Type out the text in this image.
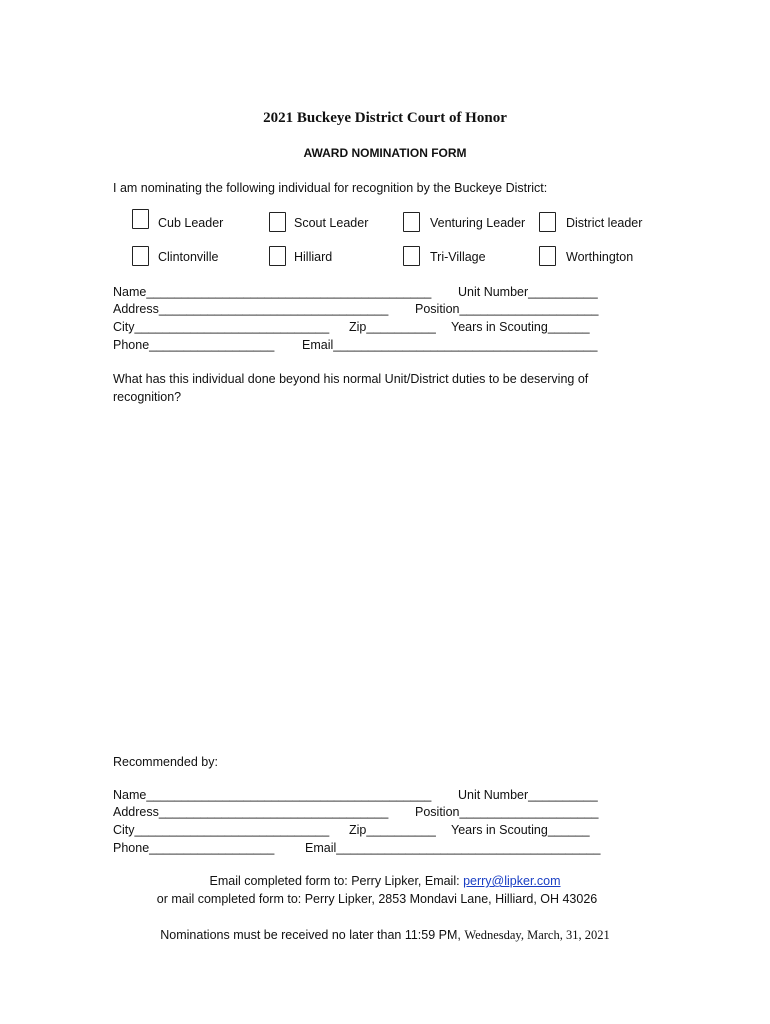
2021 Buckeye District Court of Honor
AWARD NOMINATION FORM
I am nominating the following individual for recognition by the Buckeye District:
Cub Leader	Scout Leader	Venturing Leader	District leader
Clintonville	Hilliard	Tri-Village	Worthington
Name_________________________________________ Unit Number__________
Address_________________________________ Position____________________
City____________________________ Zip__________ Years in Scouting______
Phone__________________ Email______________________________________
What has this individual done beyond his normal Unit/District duties to be deserving of
recognition?
Recommended by:
Name_________________________________________ Unit Number__________
Address_________________________________ Position____________________
City____________________________ Zip__________ Years in Scouting______
Phone__________________ Email______________________________________
Email completed form to: Perry Lipker, Email: perry@lipker.com
or mail completed form to: Perry Lipker, 2853 Mondavi Lane, Hilliard, OH 43026
Nominations must be received no later than 11:59 PM, Wednesday, March, 31, 2021
